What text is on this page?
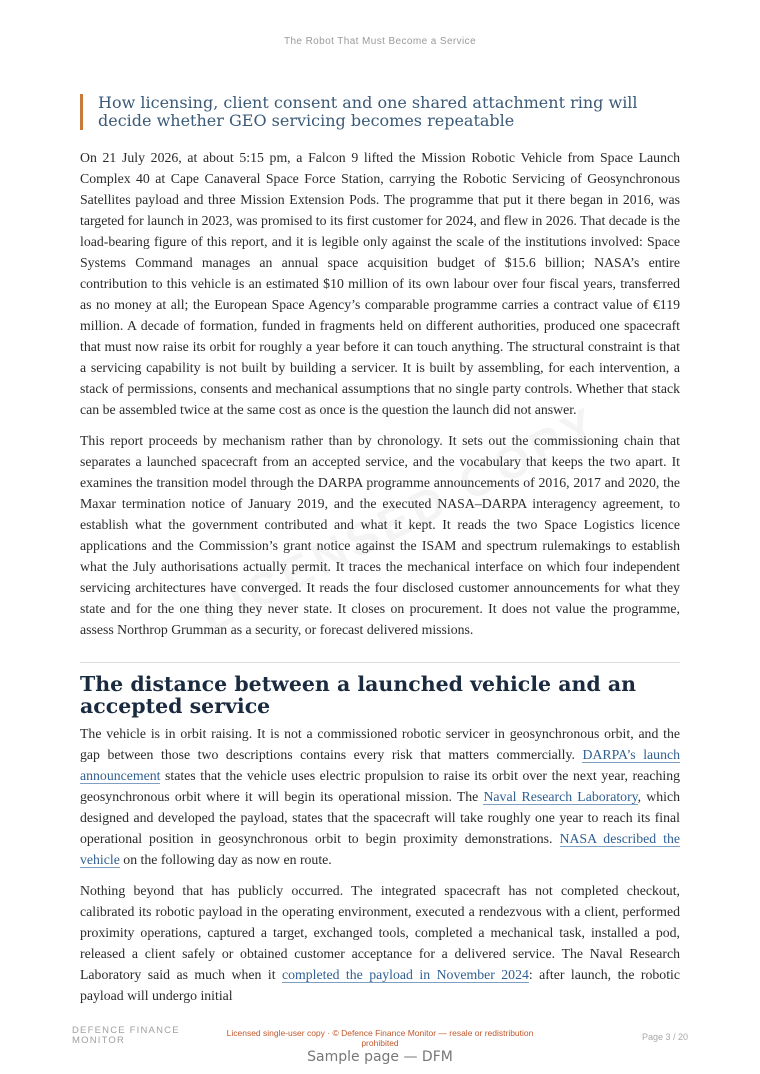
The Robot That Must Become a Service
How licensing, client consent and one shared attachment ring will decide whether GEO servicing becomes repeatable

On 21 July 2026, at about 5:15 pm, a Falcon 9 lifted the Mission Robotic Vehicle from Space Launch Complex 40 at Cape Canaveral Space Force Station, carrying the Robotic Servicing of Geosynchronous Satellites payload and three Mission Extension Pods. The programme that put it there began in 2016, was targeted for launch in 2023, was promised to its first customer for 2024, and flew in 2026. That decade is the load-bearing figure of this report, and it is legible only against the scale of the institutions involved: Space Systems Command manages an annual space acquisition budget of $15.6 billion; NASA’s entire contribution to this vehicle is an estimated $10 million of its own labour over four fiscal years, transferred as no money at all; the European Space Agency’s comparable programme carries a contract value of €119 million. A decade of formation, funded in fragments held on different authorities, produced one spacecraft that must now raise its orbit for roughly a year before it can touch anything. The structural constraint is that a servicing capability is not built by building a servicer. It is built by assembling, for each intervention, a stack of permissions, consents and mechanical assumptions that no single party controls. Whether that stack can be assembled twice at the same cost as once is the question the launch did not answer.

This report proceeds by mechanism rather than by chronology. It sets out the commissioning chain that separates a launched spacecraft from an accepted service, and the vocabulary that keeps the two apart. It examines the transition model through the DARPA programme announcements of 2016, 2017 and 2020, the Maxar termination notice of January 2019, and the executed NASA–DARPA interagency agreement, to establish what the government contributed and what it kept. It reads the two Space Logistics licence applications and the Commission’s grant notice against the ISAM and spectrum rulemakings to establish what the July authorisations actually permit. It traces the mechanical interface on which four independent servicing architectures have converged. It reads the four disclosed customer announcements for what they state and for the one thing they never state. It closes on procurement. It does not value the programme, assess Northrop Grumman as a security, or forecast delivered missions.

The distance between a launched vehicle and an accepted service

The vehicle is in orbit raising. It is not a commissioned robotic servicer in geosynchronous orbit, and the gap between those two descriptions contains every risk that matters commercially. DARPA’s launch announcement states that the vehicle uses electric propulsion to raise its orbit over the next year, reaching geosynchronous orbit where it will begin its operational mission. The Naval Research Laboratory, which designed and developed the payload, states that the spacecraft will take roughly one year to reach its final operational position in geosynchronous orbit to begin proximity demonstrations. NASA described the vehicle on the following day as now en route.

Nothing beyond that has publicly occurred. The integrated spacecraft has not completed checkout, calibrated its robotic payload in the operating environment, executed a rendezvous with a client, performed proximity operations, captured a target, exchanged tools, completed a mechanical task, installed a pod, released a client safely or obtained customer acceptance for a delivered service. The Naval Research Laboratory said as much when it completed the payload in November 2024: after launch, the robotic payload will undergo initial

DEFENCE FINANCE
MONITOR
Licensed single-user copy · © Defence Finance Monitor — resale or redistribution
prohibited
Page 3 / 20
Sample page — DFM
